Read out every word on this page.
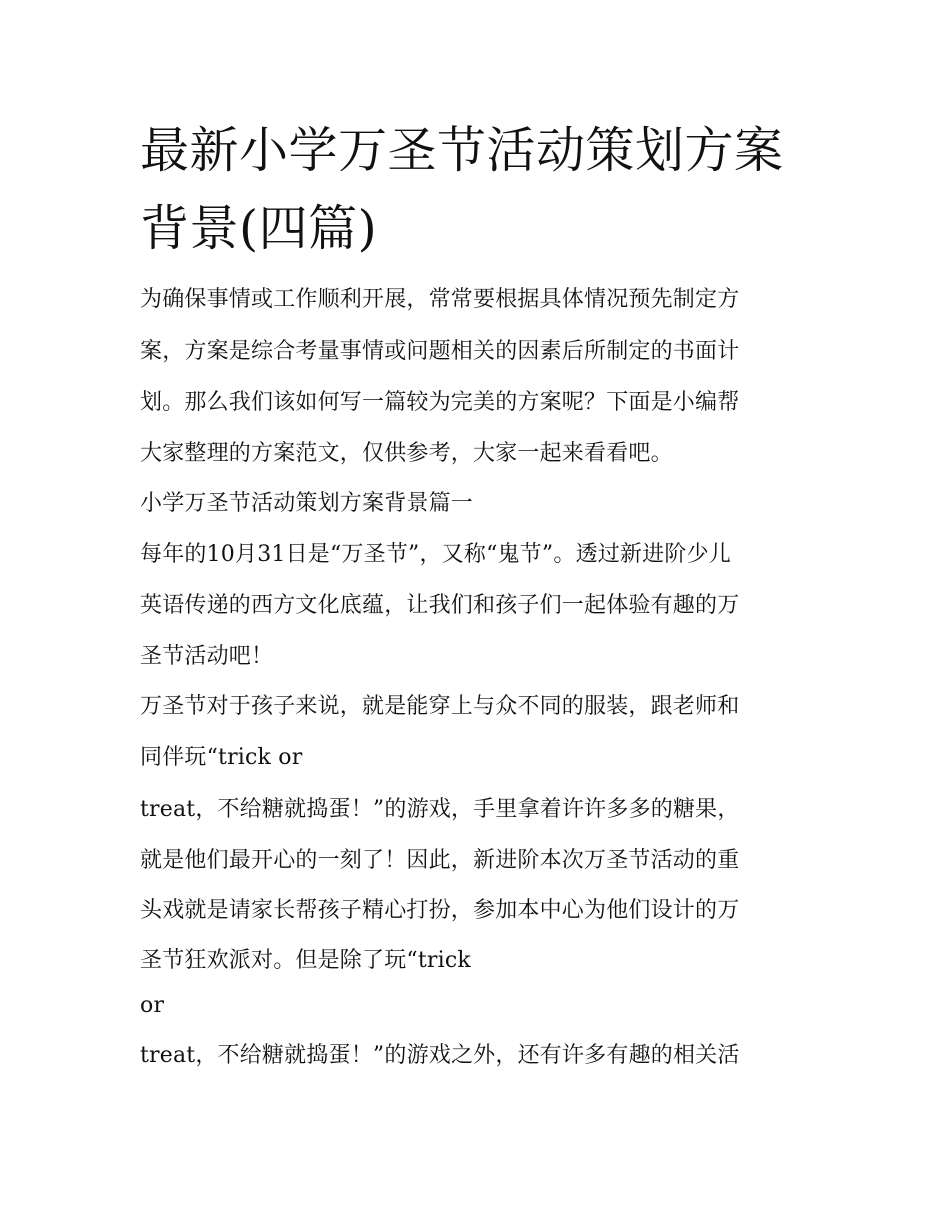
最新小学万圣节活动策划方案
背景(四篇)
为确保事情或工作顺利开展，常常要根据具体情况预先制定方
案，方案是综合考量事情或问题相关的因素后所制定的书面计
划。那么我们该如何写一篇较为完美的方案呢？下面是小编帮
大家整理的方案范文，仅供参考，大家一起来看看吧。
小学万圣节活动策划方案背景篇一
每年的10月31日是“万圣节”，又称“鬼节”。透过新进阶少儿
英语传递的西方文化底蕴，让我们和孩子们一起体验有趣的万
圣节活动吧！
万圣节对于孩子来说，就是能穿上与众不同的服装，跟老师和
同伴玩“trick or
treat，不给糖就捣蛋！”的游戏，手里拿着许许多多的糖果，
就是他们最开心的一刻了！因此，新进阶本次万圣节活动的重
头戏就是请家长帮孩子精心打扮，参加本中心为他们设计的万
圣节狂欢派对。但是除了玩“trick
or
treat，不给糖就捣蛋！”的游戏之外，还有许多有趣的相关活
